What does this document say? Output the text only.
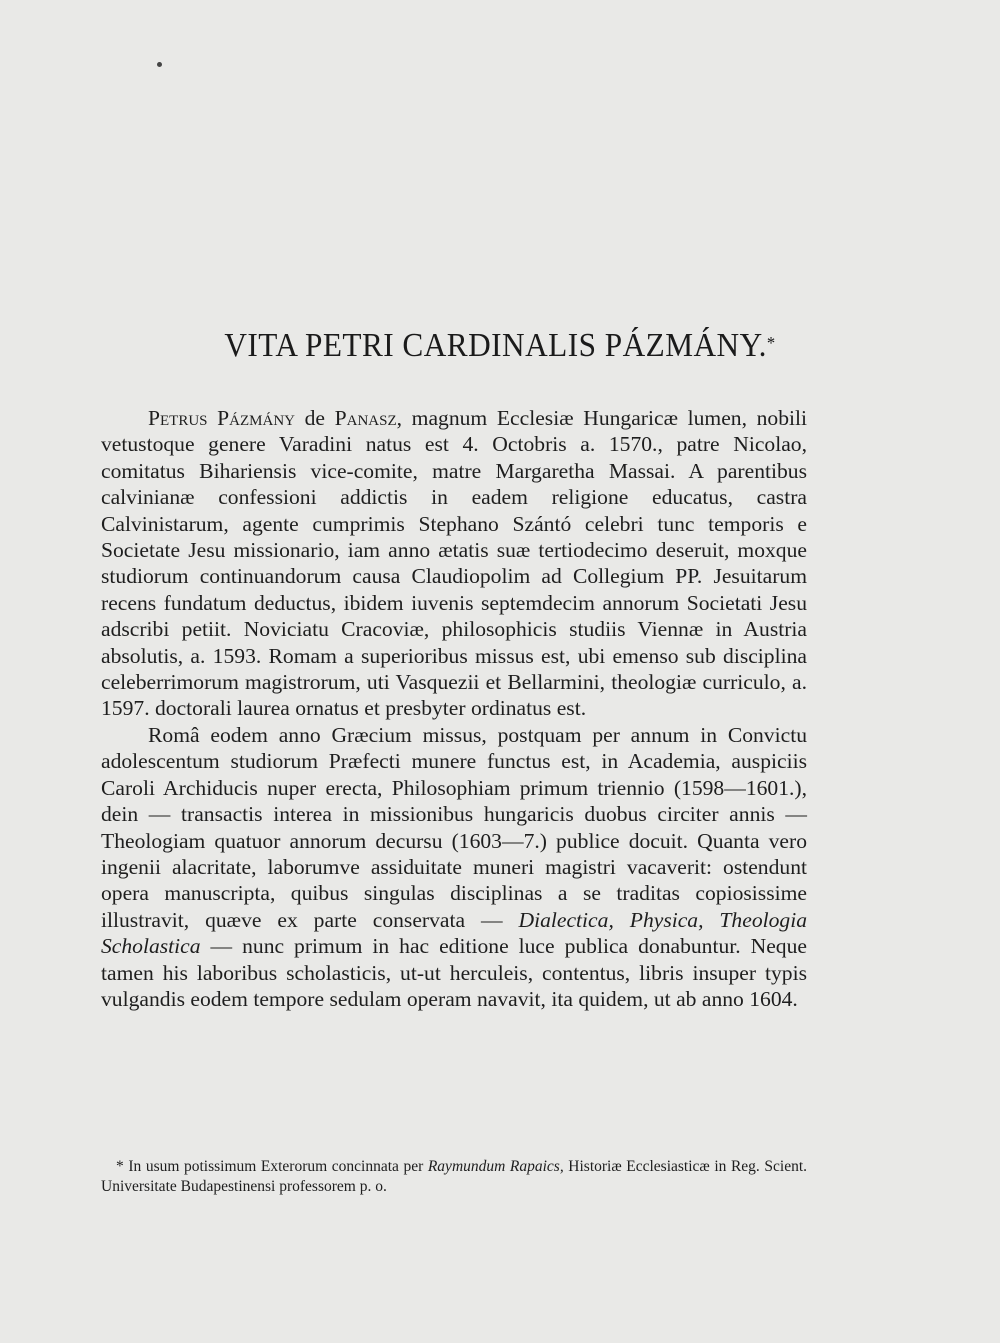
VITA PETRI CARDINALIS PÁZMÁNY.*

Petrus Pázmány de Panasz, magnum Ecclesiæ Hungaricæ lumen, nobili vetustoque genere Varadini natus est 4. Octobris a. 1570., patre Nicolao, comitatus Bihariensis vice-comite, matre Margaretha Massai. A parentibus calvinianæ confessioni addictis in eadem religione educatus, castra Calvinistarum, agente cumprimis Stephano Szántó celebri tunc temporis e Societate Jesu missionario, iam anno ætatis suæ tertiodecimo deseruit, moxque studiorum continuandorum causa Claudiopolim ad Collegium PP. Jesuitarum recens fundatum deductus, ibidem iuvenis septemdecim annorum Societati Jesu adscribi petiit. Noviciatu Cracoviæ, philosophicis studiis Viennæ in Austria absolutis, a. 1593. Romam a superioribus missus est, ubi emenso sub disciplina celeberrimorum magistrorum, uti Vasquezii et Bellarmini, theologiæ curriculo, a. 1597. doctorali laurea ornatus et presbyter ordinatus est.

Româ eodem anno Græcium missus, postquam per annum in Convictu adolescentum studiorum Præfecti munere functus est, in Academia, auspiciis Caroli Archiducis nuper erecta, Philosophiam primum triennio (1598—1601.), dein — transactis interea in missionibus hungaricis duobus circiter annis — Theologiam quatuor annorum decursu (1603—7.) publice docuit. Quanta vero ingenii alacritate, laborumve assiduitate muneri magistri vacaverit: ostendunt opera manuscripta, quibus singulas disciplinas a se traditas copiosissime illustravit, quæve ex parte conservata — Dialectica, Physica, Theologia Scholastica — nunc primum in hac editione luce publica donabuntur. Neque tamen his laboribus scholasticis, ut-ut herculeis, contentus, libris insuper typis vulgandis eodem tempore sedulam operam navavit, ita quidem, ut ab anno 1604.

* In usum potissimum Exterorum concinnata per Raymundum Rapaics, Historiæ Ecclesiasticæ in Reg. Scient. Universitate Budapestinensi professorem p. o.
